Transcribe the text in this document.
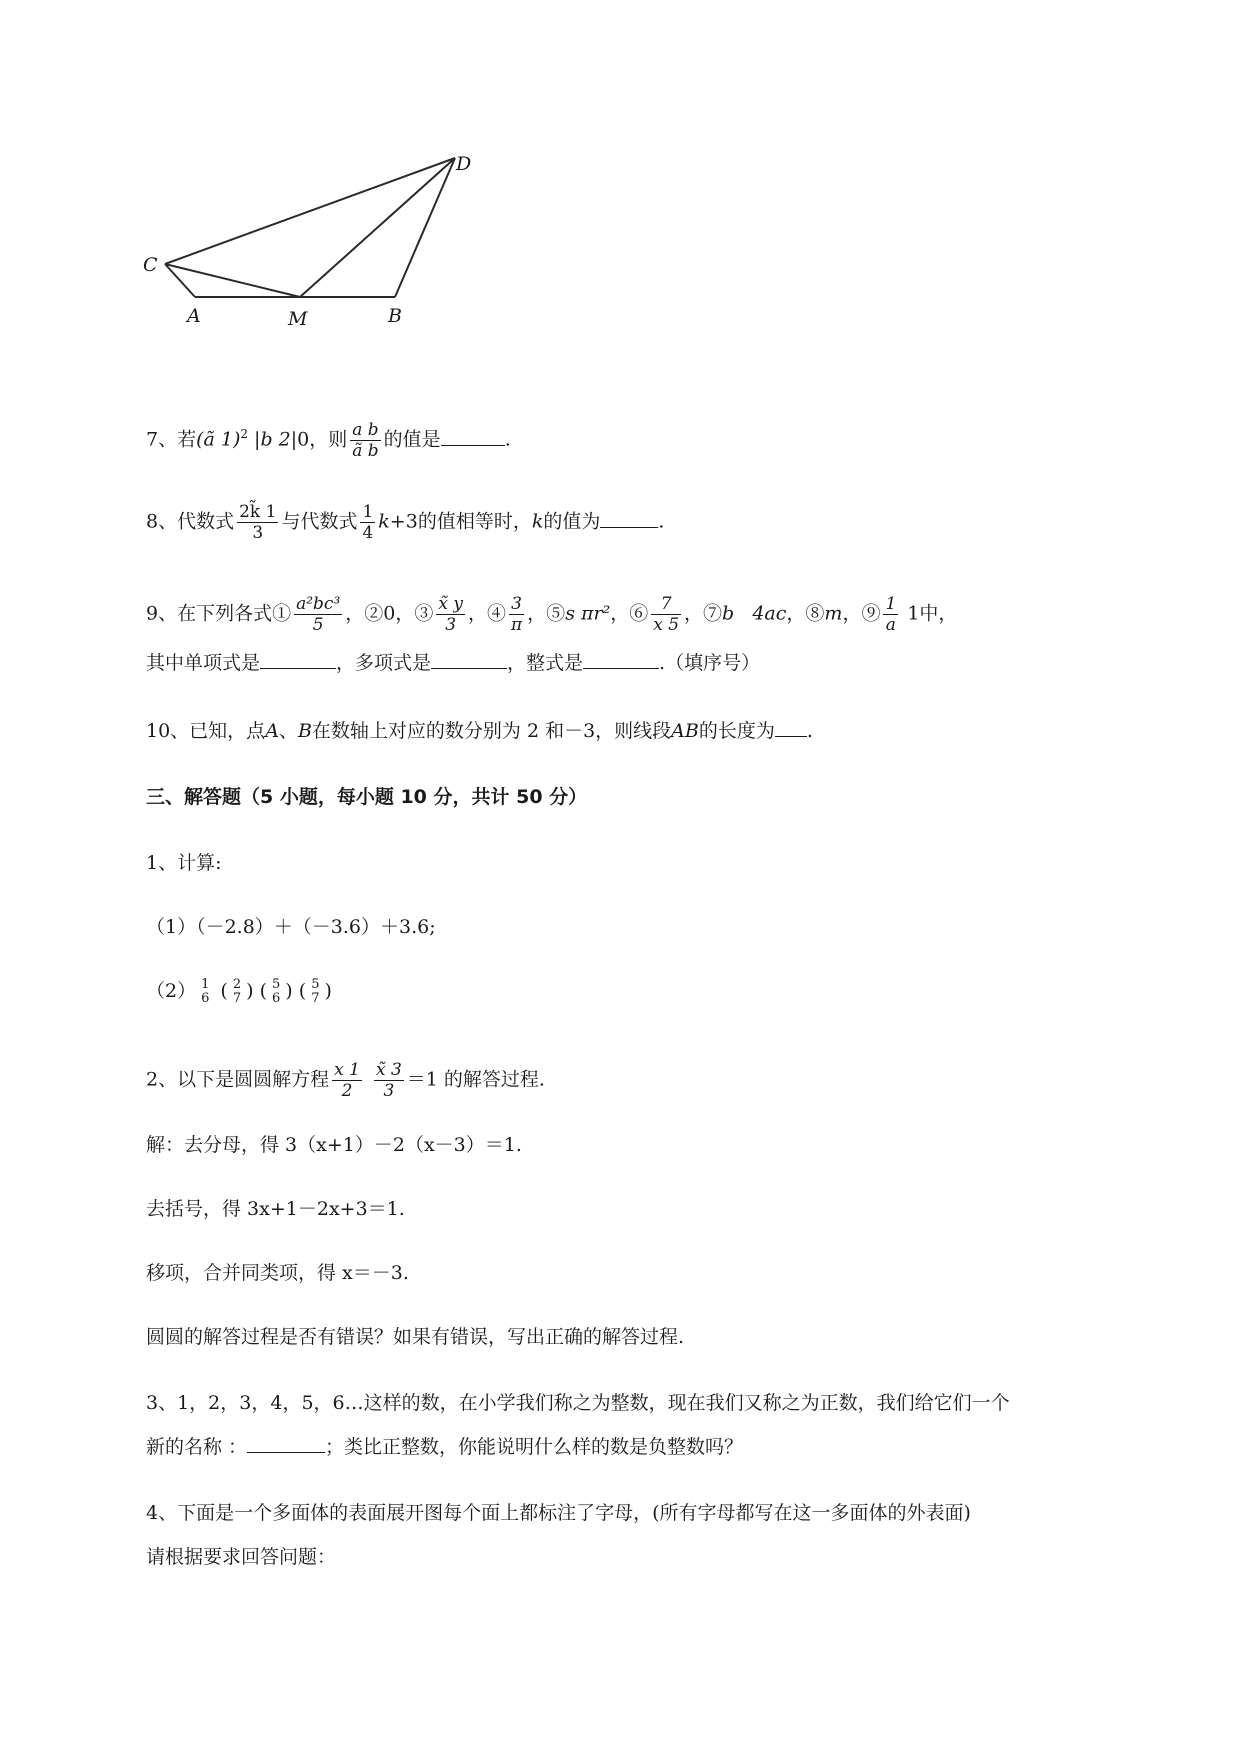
C
D
A	M	B
7、若(ã 1)$^2$ |b 2|0，则 $\frac{\text{a b}}{\text{ã b}}$ 的值是	.
8、代数式 $\frac{2k̃ 1}{3}$ 与代数式 $\frac{1}{4} k+3$的值相等时，k的值为	.
9、在下列各式① $\frac{\text{a²bc³}}{5}$ ，②0，③ $\frac{x̃ y}{3}$ ，④ $\frac{3}{\pi}$ ，⑤s πr²，⑥ $\frac{7}{x 5}$ ，⑦b 4ac，⑧m，⑨ $\frac{1}{a} 1$中，
其中单项式是	，多项式是	，整式是	.（填序号）
10、已知，点A、B在数轴上对应的数分别为 2 和－3，则线段AB的长度为 .
三、解答题（5 小题，每小题 10 分，共计 50 分）
1、计算:
（1）（－2.8）＋（－3.6）＋3.6;
（2） 1
6 ( 2
7 ) ( 5
6 ) ( 5
7 )
2、以下是圆圆解方程 $\frac{x 1}{2}$
$\frac{x̃ 3}{3} =1$ 的解答过程.
解：去分母，得 3（x+1）－2（x－3）＝1.
去括号，得 3x+1－2x+3＝1.
移项，合并同类项，得 x＝－3.
圆圆的解答过程是否有错误？如果有错误，写出正确的解答过程.
3、1，2，3，4，5，6…这样的数，在小学我们称之为整数，现在我们又称之为正数，我们给它们一个
新的名称 ：	；类比正整数，你能说明什么样的数是负整数吗？
4、下面是一个多面体的表面展开图每个面上都标注了字母，(所有字母都写在这一多面体的外表面)
请根据要求回答问题：
